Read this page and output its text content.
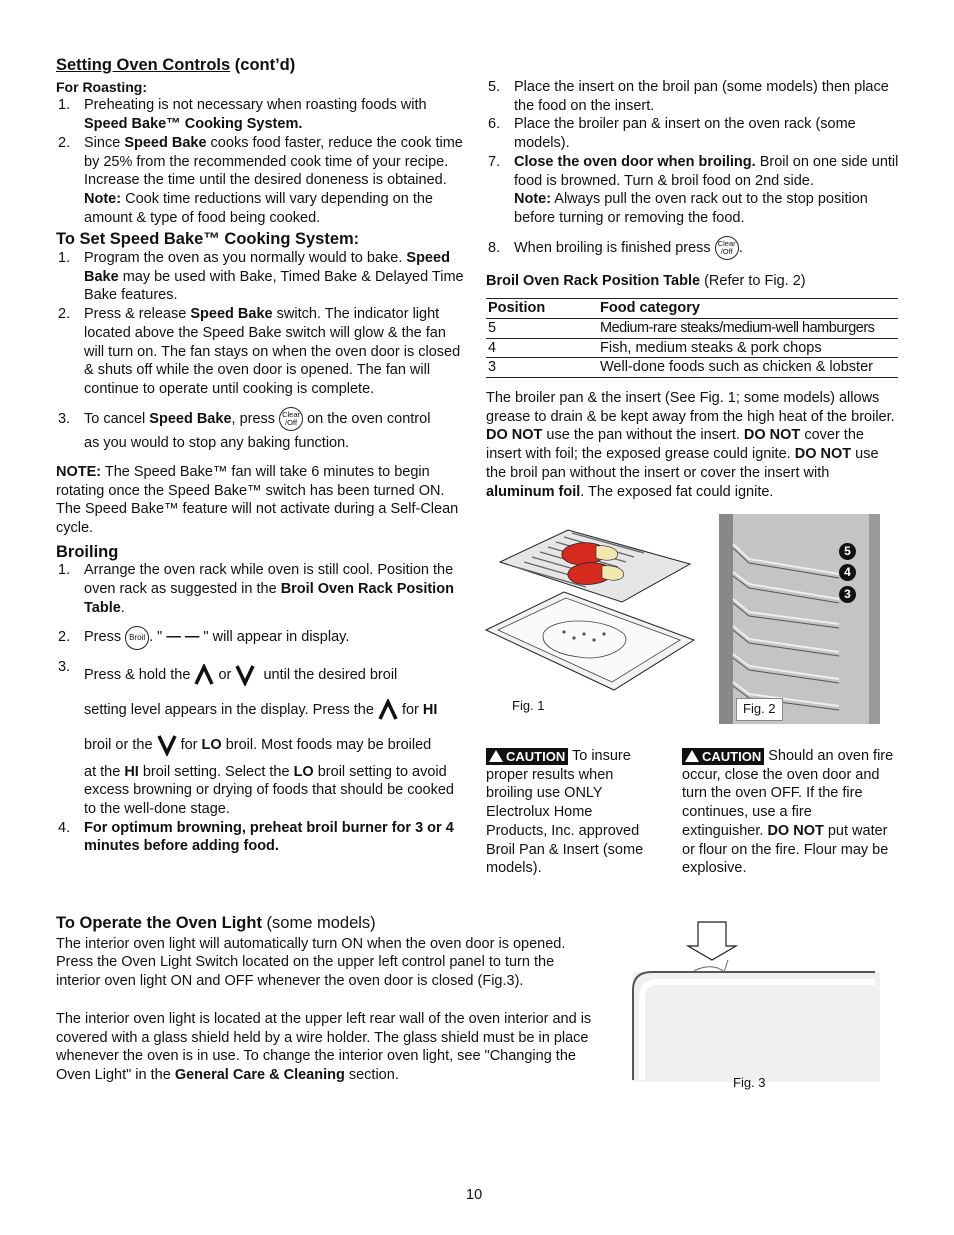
Setting Oven Controls (cont’d)
For Roasting:
1. Preheating is not necessary when roasting foods with Speed Bake™ Cooking System.
2. Since Speed Bake cooks food faster, reduce the cook time by 25% from the recommended cook time of your recipe. Increase the time until the desired doneness is obtained.
Note: Cook time reductions will vary depending on the amount & type of food being cooked.
To Set Speed Bake™ Cooking System:
1. Program the oven as you normally would to bake. Speed Bake may be used with Bake, Timed Bake & Delayed Time Bake features.
2. Press & release Speed Bake switch. The indicator light located above the Speed Bake switch will glow & the fan will turn on. The fan stays on when the oven door is closed & shuts off while the oven door is opened. The fan will continue to operate until cooking is complete.
3. To cancel Speed Bake, press Clear
/Off on the oven control
as you would to stop any baking function.
NOTE: The Speed Bake™ fan will take 6 minutes to begin rotating once the Speed Bake™ switch has been turned ON. The Speed Bake™ feature will not activate during a Self-Clean cycle.
Broiling
1. Arrange the oven rack while oven is still cool. Position the oven rack as suggested in the Broil Oven Rack Position Table.
2. Press Broil . " — — " will appear in display.
3. Press & hold the or until the desired broil
setting level appears in the display. Press the for HI
broil or the for LO broil. Most foods may be broiled
at the HI broil setting. Select the LO broil setting to avoid excess browning or drying of foods that should be cooked to the well-done stage.
4. For optimum browning, preheat broil burner for 3 or 4 minutes before adding food.
5. Place the insert on the broil pan (some models) then place the food on the insert.
6. Place the broiler pan & insert on the oven rack (some models).
7. Close the oven door when broiling. Broil on one side until food is browned. Turn & broil food on 2nd side.
Note: Always pull the oven rack out to the stop position before turning or removing the food.
8. When broiling is finished press Clear
/Off .
Broil Oven Rack Position Table (Refer to Fig. 2)
Position	Food category
5	Medium-rare steaks/medium-well hamburgers
4	Fish, medium steaks & pork chops
3	Well-done foods such as chicken & lobster
The broiler pan & the insert (See Fig. 1; some models) allows grease to drain & be kept away from the high heat of the broiler. DO NOT use the pan without the insert. DO NOT cover the insert with foil; the exposed grease could ignite. DO NOT use the broil pan without the insert or cover the insert with aluminum foil. The exposed fat could ignite.
Fig. 1
5
4
3
Fig. 2
CAUTION To insure proper results when broiling use ONLY Electrolux Home Products, Inc. approved Broil Pan & Insert (some models).
CAUTION Should an oven fire occur, close the oven door and turn the oven OFF. If the fire continues, use a fire extinguisher. DO NOT put water or flour on the fire. Flour may be explosive.
To Operate the Oven Light (some models)
The interior oven light will automatically turn ON when the oven door is opened. Press the Oven Light Switch located on the upper left control panel to turn the interior oven light ON and OFF whenever the oven door is closed (Fig.3).
The interior oven light is located at the upper left rear wall of the oven interior and is covered with a glass shield held by a wire holder. The glass shield must be in place whenever the oven is in use. To change the interior oven light, see "Changing the Oven Light" in the General Care & Cleaning section.	Fig. 3
10
